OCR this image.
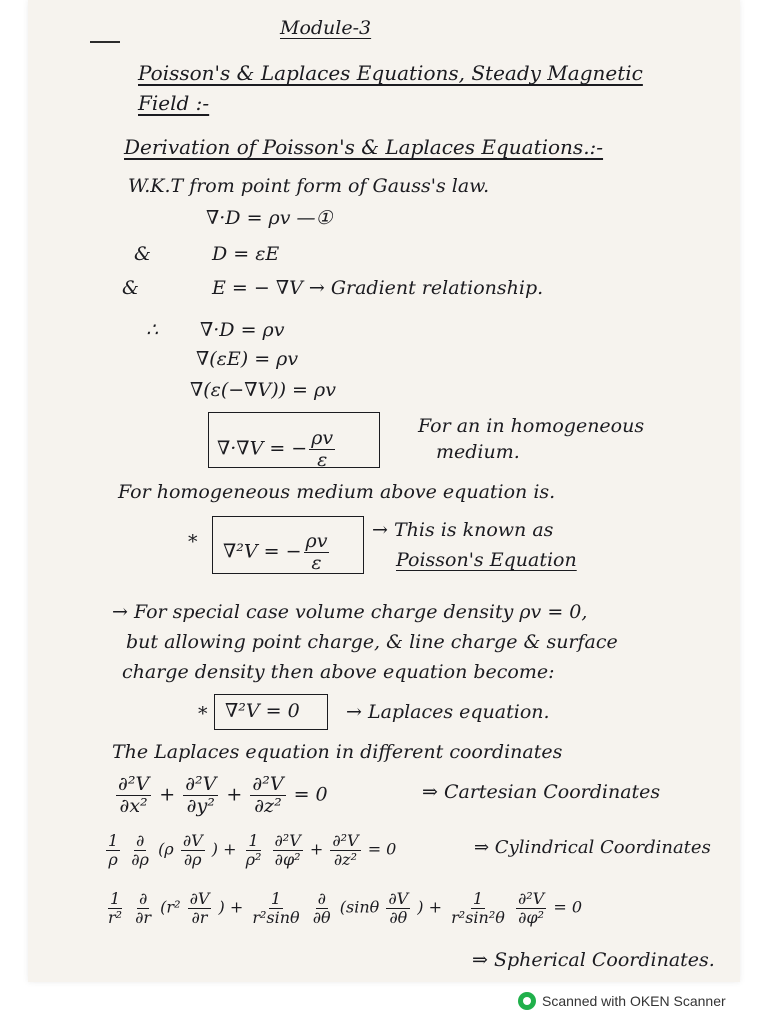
Module-3
Poisson's & Laplaces Equations, Steady Magnetic
Field :-
Derivation of Poisson's & Laplaces Equations.:-
W.K.T from point form of Gauss's law.
∇·D = ρv —①
&	D = εE
&	E = − ∇V → Gradient relationship.
∴ ∇·D = ρv
∇(εE) = ρv
∇(ε(−∇V)) = ρv
∇·∇V = − $\frac{\rho v}{\varepsilon}$
For an in homogeneous
medium.
For homogeneous medium above equation is.
* ∇²V = − $\frac{\rho v}{\varepsilon}$
→ This is known as
Poisson's Equation
→ For special case volume charge density ρv = 0,
but allowing point charge, & line charge & surface
charge density then above equation become:
* ∇²V = 0 → Laplaces equation.
The Laplaces equation in different coordinates
$\frac{\text{∂²V}}{\text{∂x²}} + \frac{\text{∂²V}}{\text{∂y²}} + \frac{\text{∂²V}}{\text{∂z²}} = 0$	⇒ Cartesian Coordinates
$\frac{1}{\rho}$
$\frac{\partial}{\partial\rho} (\rho \frac{\partial V}{\partial\rho}$ ) + $\frac{1}{\text{ρ²}}$
$\frac{\text{∂²V}}{\text{∂φ²}} + \frac{\text{∂²V}}{\text{∂z²}} = 0$	⇒ Cylindrical Coordinates
$\frac{1}{\text{r²}}$
$\frac{\partial}{\partial r} (r^2 \frac{\partial V}{\partial r}$ ) + $\frac{1}{\text{r²sinθ}}$
$\frac{\partial}{\partial\theta} (\sin\theta \frac{\partial V}{\partial\theta}$ ) + $\frac{1}{\text{r²sin²θ}}$
$\frac{\text{∂²V}}{\text{∂φ²}} = 0$
⇒ Spherical Coordinates.
Scanned with OKEN Scanner
